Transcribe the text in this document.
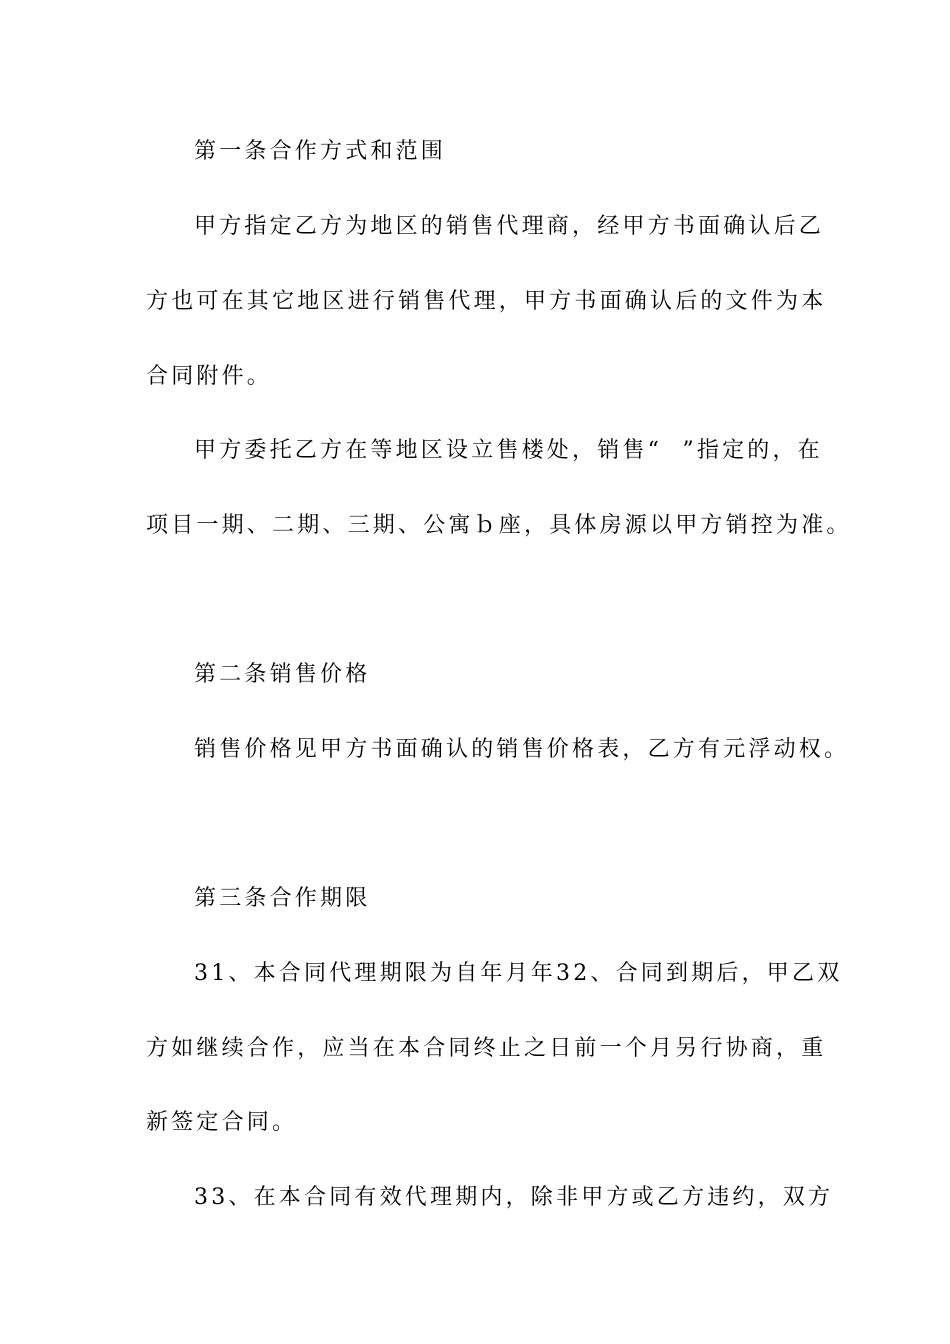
第一条合作方式和范围
甲方指定乙方为地区的销售代理商，经甲方书面确认后乙
方也可在其它地区进行销售代理，甲方书面确认后的文件为本
合同附件。
甲方委托乙方在等地区设立售楼处，销售“  ”指定的，在
项目一期、二期、三期、公寓ｂ座，具体房源以甲方销控为准。
第二条销售价格
销售价格见甲方书面确认的销售价格表，乙方有元浮动权。
第三条合作期限
31、本合同代理期限为自年月年32、合同到期后，甲乙双
方如继续合作，应当在本合同终止之日前一个月另行协商，重
新签定合同。
33、在本合同有效代理期内，除非甲方或乙方违约，双方
